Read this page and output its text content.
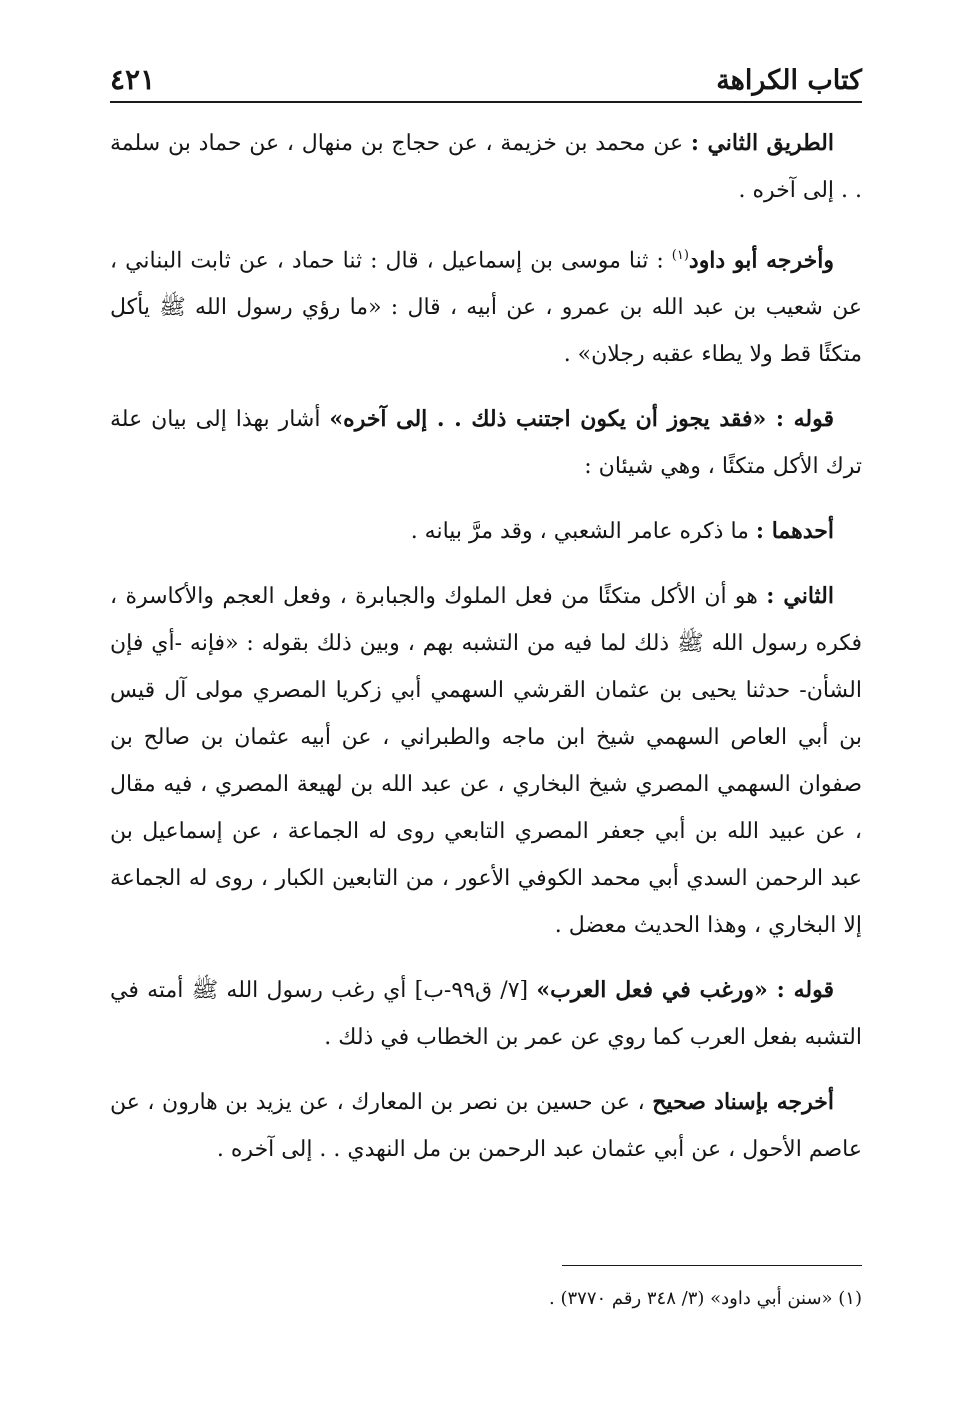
كتاب الكراهة
٤٢١

الطريق الثاني : عن محمد بن خزيمة ، عن حجاج بن منهال ، عن حماد بن سلمة . . إلى آخره .

وأخرجه أبو داود$^{(١)}$ : ثنا موسى بن إسماعيل ، قال : ثنا حماد ، عن ثابت البناني ، عن شعيب بن عبد الله بن عمرو ، عن أبيه ، قال : «ما رؤي رسول الله ﷺ يأكل متكئًا قط ولا يطاء عقبه رجلان» .

قوله : «فقد يجوز أن يكون اجتنب ذلك . . إلى آخره» أشار بهذا إلى بيان علة ترك الأكل متكئًا ، وهي شيئان :

أحدهما : ما ذكره عامر الشعبي ، وقد مرَّ بيانه .

الثاني : هو أن الأكل متكئًا من فعل الملوك والجبابرة ، وفعل العجم والأكاسرة ، فكره رسول الله ﷺ ذلك لما فيه من التشبه بهم ، وبين ذلك بقوله : «فإنه -أي فإن الشأن- حدثنا يحيى بن عثمان القرشي السهمي أبي زكريا المصري مولى آل قيس بن أبي العاص السهمي شيخ ابن ماجه والطبراني ، عن أبيه عثمان بن صالح بن صفوان السهمي المصري شيخ البخاري ، عن عبد الله بن لهيعة المصري ، فيه مقال ، عن عبيد الله بن أبي جعفر المصري التابعي روى له الجماعة ، عن إسماعيل بن عبد الرحمن السدي أبي محمد الكوفي الأعور ، من التابعين الكبار ، روى له الجماعة إلا البخاري ، وهذا الحديث معضل .

قوله : «ورغب في فعل العرب» [٧/ ق٩٩-ب] أي رغب رسول الله ﷺ أمته في التشبه بفعل العرب كما روي عن عمر بن الخطاب في ذلك .

أخرجه بإسناد صحيح ، عن حسين بن نصر بن المعارك ، عن يزيد بن هارون ، عن عاصم الأحول ، عن أبي عثمان عبد الرحمن بن مل النهدي . . إلى آخره .

(١) «سنن أبي داود» (٣/ ٣٤٨ رقم ٣٧٧٠) .
